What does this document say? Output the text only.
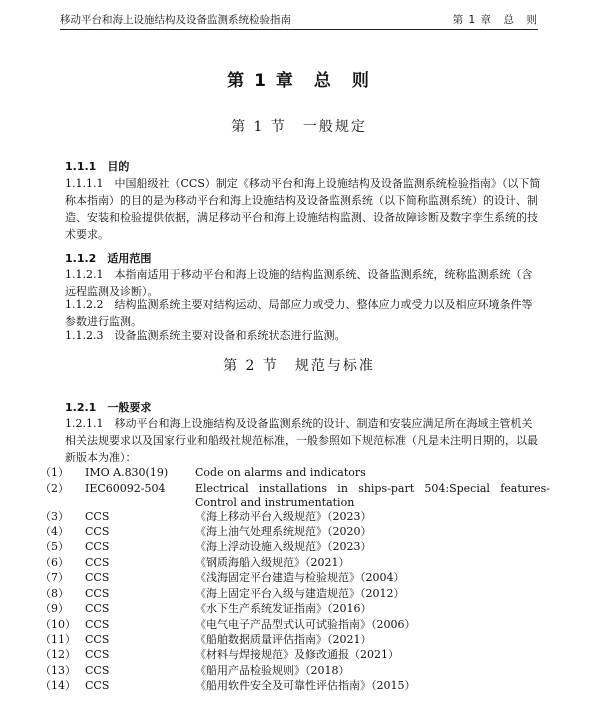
移动平台和海上设施结构及设备监测系统检验指南	第 1 章　总　则
第 1 章　总　则
第 1 节　一般规定
1.1.1　目的
1.1.1.1　中国船级社（CCS）制定《移动平台和海上设施结构及设备监测系统检验指南》（以下简称本指南）的目的是为移动平台和海上设施结构及设备监测系统（以下简称监测系统）的设计、制造、安装和检验提供依据，满足移动平台和海上设施结构监测、设备故障诊断及数字孪生系统的技术要求。
1.1.2　适用范围
1.1.2.1　本指南适用于移动平台和海上设施的结构监测系统、设备监测系统，统称监测系统（含远程监测及诊断）。
1.1.2.2　结构监测系统主要对结构运动、局部应力或受力、整体应力或受力以及相应环境条件等参数进行监测。
1.1.2.3　设备监测系统主要对设备和系统状态进行监测。
第 2 节　规范与标准
1.2.1　一般要求
1.2.1.1　移动平台和海上设施结构及设备监测系统的设计、制造和安装应满足所在海域主管机关相关法规要求以及国家行业和船级社规范标准，一般参照如下规范标准（凡是未注明日期的，以最新版本为准）：
（1）	IMO A.830(19)	Code on alarms and indicators
（2）	IEC60092-504	Electrical installations in ships-part 504:Special features-Control and instrumentation
（3）	CCS	《海上移动平台入级规范》（2023）
（4）	CCS	《海上油气处理系统规范》（2020）
（5）	CCS	《海上浮动设施入级规范》（2023）
（6）	CCS	《钢质海船入级规范》（2021）
（7）	CCS	《浅海固定平台建造与检验规范》（2004）
（8）	CCS	《海上固定平台入级与建造规范》（2012）
（9）	CCS	《水下生产系统发证指南》（2016）
（10） CCS	《电气电子产品型式认可试验指南》（2006）
（11） CCS	《船舶数据质量评估指南》（2021）
（12） CCS	《材料与焊接规范》及修改通报（2021）
（13） CCS	《船用产品检验规则》（2018）
（14） CCS	《船用软件安全及可靠性评估指南》（2015）
